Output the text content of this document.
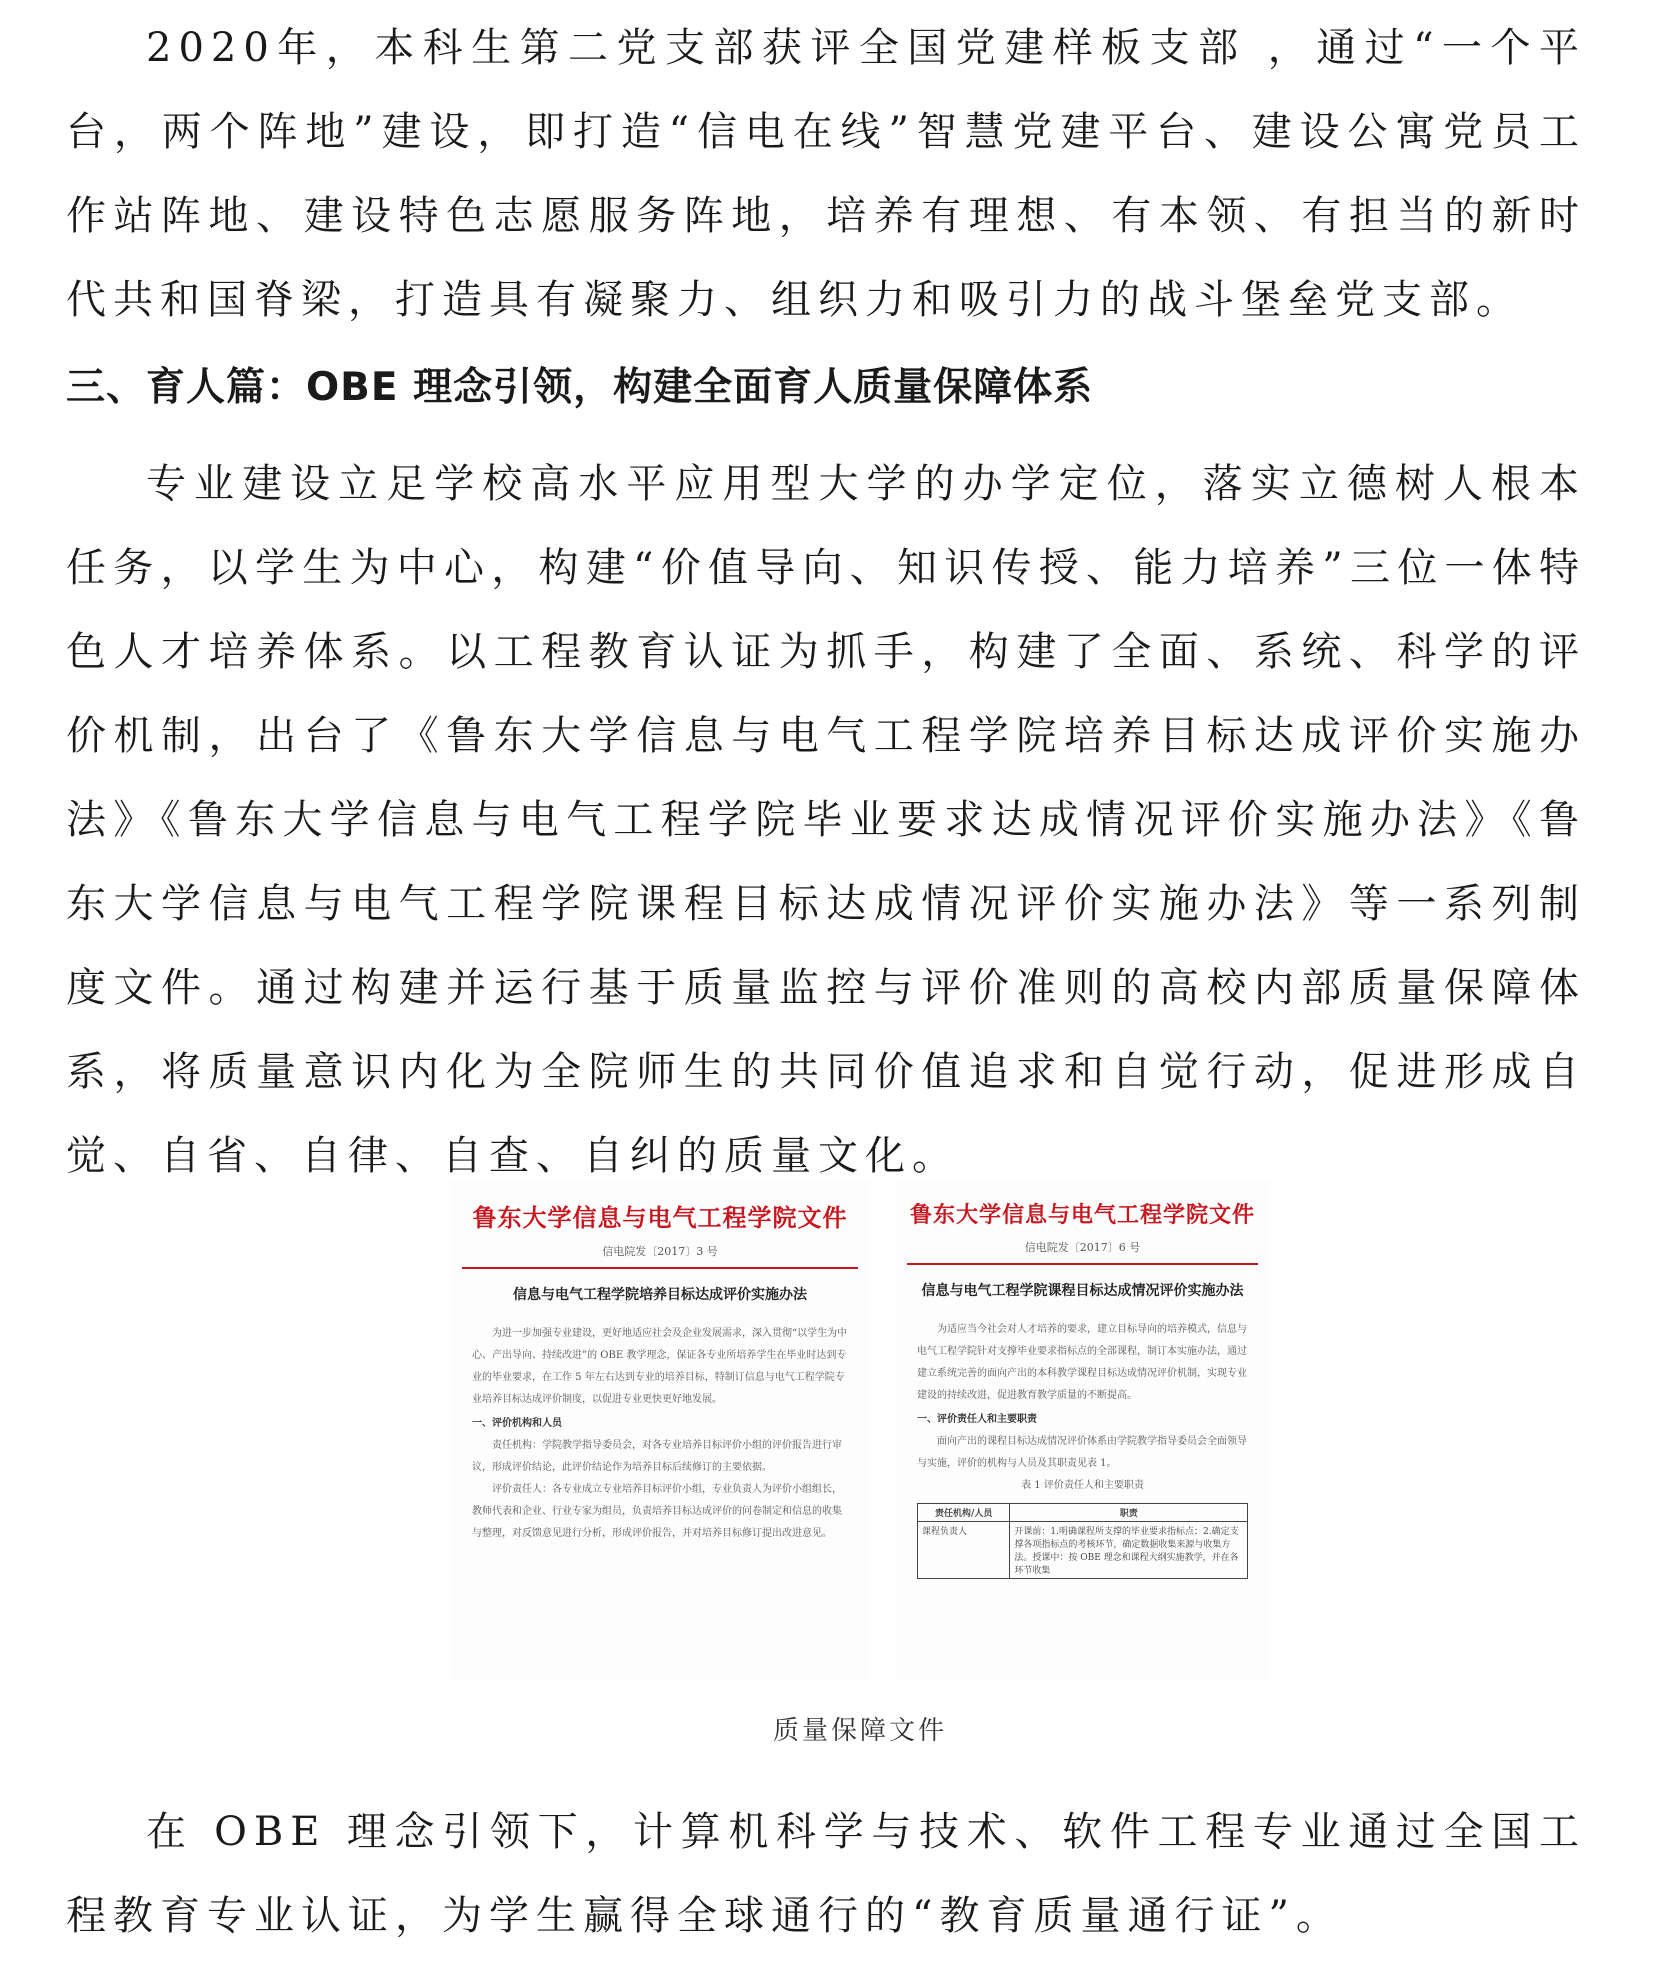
2020年，本科生第二党支部获评全国党建样板支部 ，通过“一个平台，两个阵地”建设，即打造“信电在线”智慧党建平台、建设公寓党员工作站阵地、建设特色志愿服务阵地，培养有理想、有本领、有担当的新时代共和国脊梁，打造具有凝聚力、组织力和吸引力的战斗堡垒党支部。

三、育人篇：OBE 理念引领，构建全面育人质量保障体系

专业建设立足学校高水平应用型大学的办学定位，落实立德树人根本任务，以学生为中心，构建“价值导向、知识传授、能力培养”三位一体特色人才培养体系。以工程教育认证为抓手，构建了全面、系统、科学的评价机制，出台了《鲁东大学信息与电气工程学院培养目标达成评价实施办法》《鲁东大学信息与电气工程学院毕业要求达成情况评价实施办法》《鲁东大学信息与电气工程学院课程目标达成情况评价实施办法》等一系列制度文件。通过构建并运行基于质量监控与评价准则的高校内部质量保障体系，将质量意识内化为全院师生的共同价值追求和自觉行动，促进形成自觉、自省、自律、自查、自纠的质量文化。

鲁东大学信息与电气工程学院文件
信电院发〔2017〕3 号
信息与电气工程学院培养目标达成评价实施办法

为进一步加强专业建设，更好地适应社会及企业发展需求，深入贯彻“以学生为中心、产出导向、持续改进”的 OBE 教学理念，保证各专业所培养学生在毕业时达到专业的毕业要求，在工作 5 年左右达到专业的培养目标，特制订信息与电气工程学院专业培养目标达成评价制度，以促进专业更快更好地发展。

一、评价机构和人员

责任机构：学院教学指导委员会，对各专业培养目标评价小组的评价报告进行审议，形成评价结论，此评价结论作为培养目标后续修订的主要依据。

评价责任人：各专业成立专业培养目标评价小组，专业负责人为评价小组组长，教师代表和企业、行业专家为组员，负责培养目标达成评价的问卷制定和信息的收集与整理，对反馈意见进行分析，形成评价报告，并对培养目标修订提出改进意见。

鲁东大学信息与电气工程学院文件
信电院发〔2017〕6 号
信息与电气工程学院课程目标达成情况评价实施办法

为适应当今社会对人才培养的要求，建立目标导向的培养模式，信息与电气工程学院针对支撑毕业要求指标点的全部课程，制订本实施办法，通过建立系统完善的面向产出的本科教学课程目标达成情况评价机制，实现专业建设的持续改进，促进教育教学质量的不断提高。

一、评价责任人和主要职责

面向产出的课程目标达成情况评价体系由学院教学指导委员会全面领导与实施，评价的机构与人员及其职责见表 1。

表 1 评价责任人和主要职责

责任机构/人员	职责
课程负责人	开课前：1.明确课程所支撑的毕业要求指标点；2.确定支撑各项指标点的考核环节，确定数据收集来源与收集方法。授课中：按 OBE 理念和课程大纲实施教学，并在各环节收集
质量保障文件

在 OBE 理念引领下，计算机科学与技术、软件工程专业通过全国工程教育专业认证，为学生赢得全球通行的“教育质量通行证”。
